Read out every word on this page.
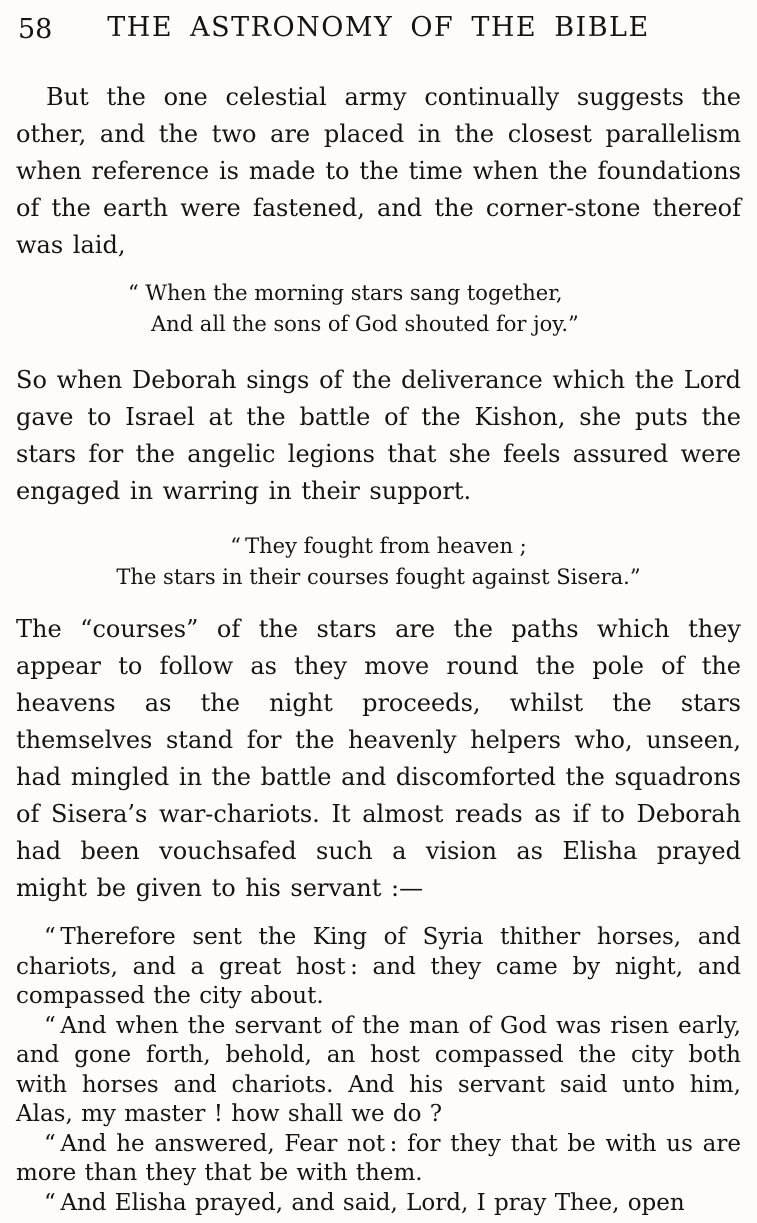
58	THE ASTRONOMY OF THE BIBLE

But the one celestial army continually suggests the other, and the two are placed in the closest parallelism when reference is made to the time when the foundations of the earth were fastened, and the corner-stone thereof was laid,

“ When the morning stars sang together,
And all the sons of God shouted for joy.”

So when Deborah sings of the deliverance which the Lord gave to Israel at the battle of the Kishon, she puts the stars for the angelic legions that she feels assured were engaged in warring in their support.

“ They fought from heaven ;
The stars in their courses fought against Sisera.”

The “courses” of the stars are the paths which they appear to follow as they move round the pole of the heavens as the night proceeds, whilst the stars themselves stand for the heavenly helpers who, unseen, had mingled in the battle and discomforted the squadrons of Sisera’s war-chariots. It almost reads as if to Deborah had been vouchsafed such a vision as Elisha prayed might be given to his servant :—

“ Therefore sent the King of Syria thither horses, and chariots, and a great host : and they came by night, and compassed the city about.

“ And when the servant of the man of God was risen early, and gone forth, behold, an host compassed the city both with horses and chariots. And his servant said unto him, Alas, my master ! how shall we do ?

“ And he answered, Fear not : for they that be with us are more than they that be with them.

“ And Elisha prayed, and said, Lord, I pray Thee, open
